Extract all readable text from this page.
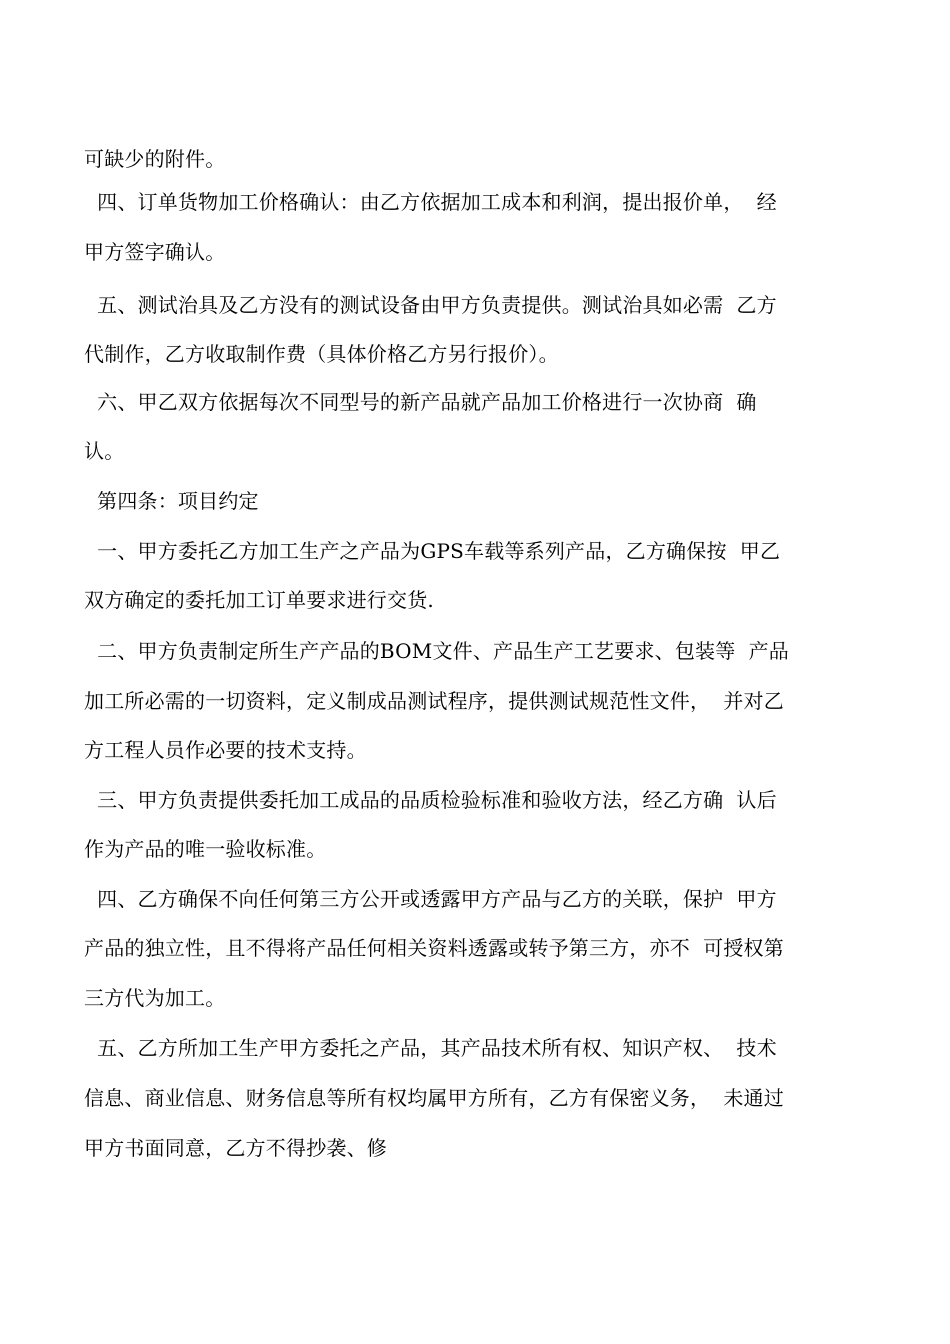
可缺少的附件。
四、订单货物加工价格确认：由乙方依据加工成本和利润，提出报价单，  经
甲方签字确认。
五、测试治具及乙方没有的测试设备由甲方负责提供。测试治具如必需  乙方
代制作，乙方收取制作费（具体价格乙方另行报价）。
六、甲乙双方依据每次不同型号的新产品就产品加工价格进行一次协商  确
认。
第四条：项目约定
一、甲方委托乙方加工生产之产品为GPS车载等系列产品，乙方确保按  甲乙
双方确定的委托加工订单要求进行交货.
二、甲方负责制定所生产产品的BOM文件、产品生产工艺要求、包装等  产品
加工所必需的一切资料，定义制成品测试程序，提供测试规范性文件，  并对乙
方工程人员作必要的技术支持。
三、甲方负责提供委托加工成品的品质检验标准和验收方法，经乙方确  认后
作为产品的唯一验收标准。
四、乙方确保不向任何第三方公开或透露甲方产品与乙方的关联，保护  甲方
产品的独立性，且不得将产品任何相关资料透露或转予第三方，亦不  可授权第
三方代为加工。
五、乙方所加工生产甲方委托之产品，其产品技术所有权、知识产权、  技术
信息、商业信息、财务信息等所有权均属甲方所有，乙方有保密义务，  未通过
甲方书面同意，乙方不得抄袭、修
